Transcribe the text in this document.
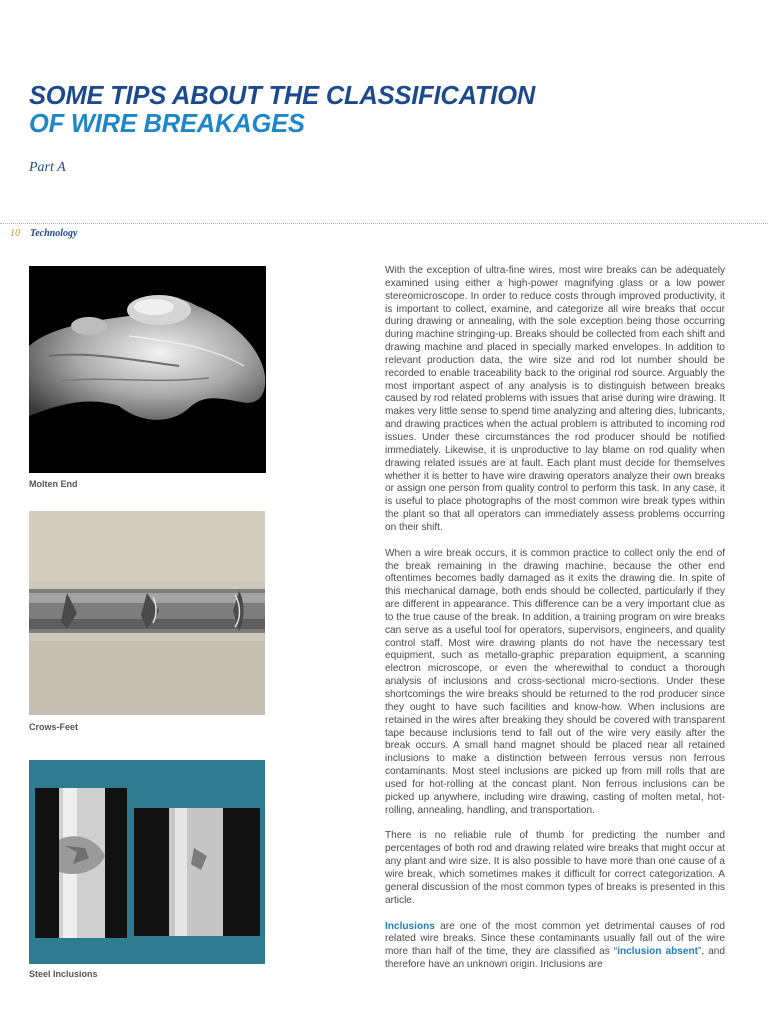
SOME TIPS ABOUT THE CLASSIFICATION
OF WIRE BREAKAGES
Part A
10 Technology
Molten End
Crows-Feet
Steel Inclusions

With the exception of ultra-fine wires, most wire breaks can be adequately examined using either a high-power magnifying glass or a low power stereomicroscope. In order to reduce costs through improved productivity, it is important to collect, examine, and categorize all wire breaks that occur during drawing or annealing, with the sole exception being those occurring during machine stringing-up. Breaks should be collected from each shift and drawing machine and placed in specially marked envelopes. In addition to relevant production data, the wire size and rod lot number should be recorded to enable traceability back to the original rod source. Arguably the most important aspect of any analysis is to distinguish between breaks caused by rod related problems with issues that arise during wire drawing. It makes very little sense to spend time analyzing and altering dies, lubricants, and drawing practices when the actual problem is attributed to incoming rod issues. Under these circumstances the rod producer should be notified immediately. Likewise, it is unproductive to lay blame on rod quality when drawing related issues are at fault. Each plant must decide for themselves whether it is better to have wire drawing operators analyze their own breaks or assign one person from quality control to perform this task. In any case, it is useful to place photographs of the most common wire break types within the plant so that all operators can immediately assess problems occurring on their shift.

When a wire break occurs, it is common practice to collect only the end of the break remaining in the drawing machine, because the other end oftentimes becomes badly damaged as it exits the drawing die. In spite of this mechanical damage, both ends should be collected, particularly if they are different in appearance. This difference can be a very important clue as to the true cause of the break. In addition, a training program on wire breaks can serve as a useful tool for operators, supervisors, engineers, and quality control staff. Most wire drawing plants do not have the necessary test equipment, such as metallo-graphic preparation equipment, a scanning electron microscope, or even the wherewithal to conduct a thorough analysis of inclusions and cross-sectional micro-sections. Under these shortcomings the wire breaks should be returned to the rod producer since they ought to have such facilities and know-how. When inclusions are retained in the wires after breaking they should be covered with transparent tape because inclusions tend to fall out of the wire very easily after the break occurs. A small hand magnet should be placed near all retained inclusions to make a distinction between ferrous versus non ferrous contaminants. Most steel inclusions are picked up from mill rolls that are used for hot-rolling at the concast plant. Non ferrous inclusions can be picked up anywhere, including wire drawing, casting of molten metal, hot-rolling, annealing, handling, and transportation.

There is no reliable rule of thumb for predicting the number and percentages of both rod and drawing related wire breaks that might occur at any plant and wire size. It is also possible to have more than one cause of a wire break, which sometimes makes it difficult for correct categorization. A general discussion of the most common types of breaks is presented in this article.

Inclusions are one of the most common yet detrimental causes of rod related wire breaks. Since these contaminants usually fall out of the wire more than half of the time, they are classified as “inclusion absent”, and therefore have an unknown origin. Inclusions are
